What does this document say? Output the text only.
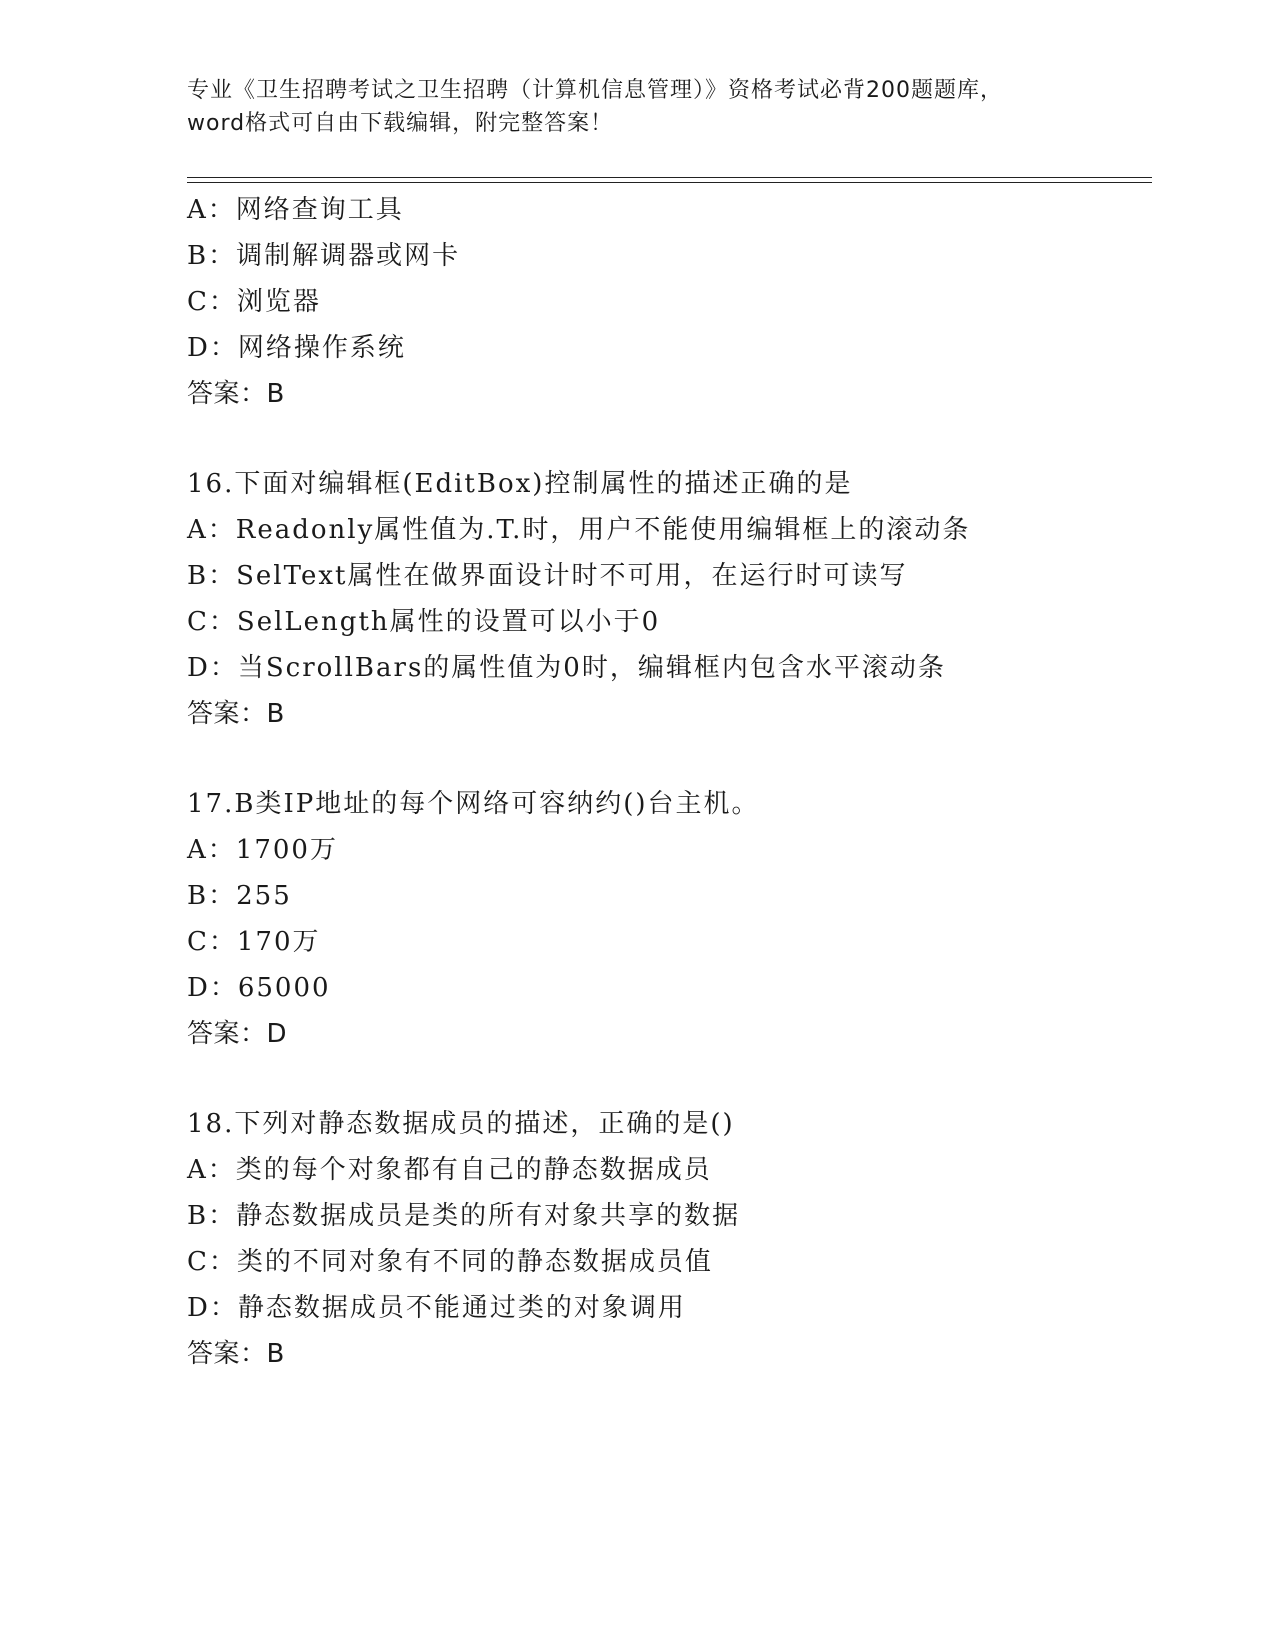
专业《卫生招聘考试之卫生招聘（计算机信息管理）》资格考试必背200题题库，
word格式可自由下载编辑，附完整答案！
A：网络查询工具
B：调制解调器或网卡
C：浏览器
D：网络操作系统
答案：B
16.下面对编辑框(EditBox)控制属性的描述正确的是
A：Readonly属性值为.T.时，用户不能使用编辑框上的滚动条
B：SelText属性在做界面设计时不可用，在运行时可读写
C：SelLength属性的设置可以小于0
D：当ScrollBars的属性值为0时，编辑框内包含水平滚动条
答案：B
17.B类IP地址的每个网络可容纳约()台主机。
A：1700万
B：255
C：170万
D：65000
答案：D
18.下列对静态数据成员的描述，正确的是()
A：类的每个对象都有自己的静态数据成员
B：静态数据成员是类的所有对象共享的数据
C：类的不同对象有不同的静态数据成员值
D：静态数据成员不能通过类的对象调用
答案：B
